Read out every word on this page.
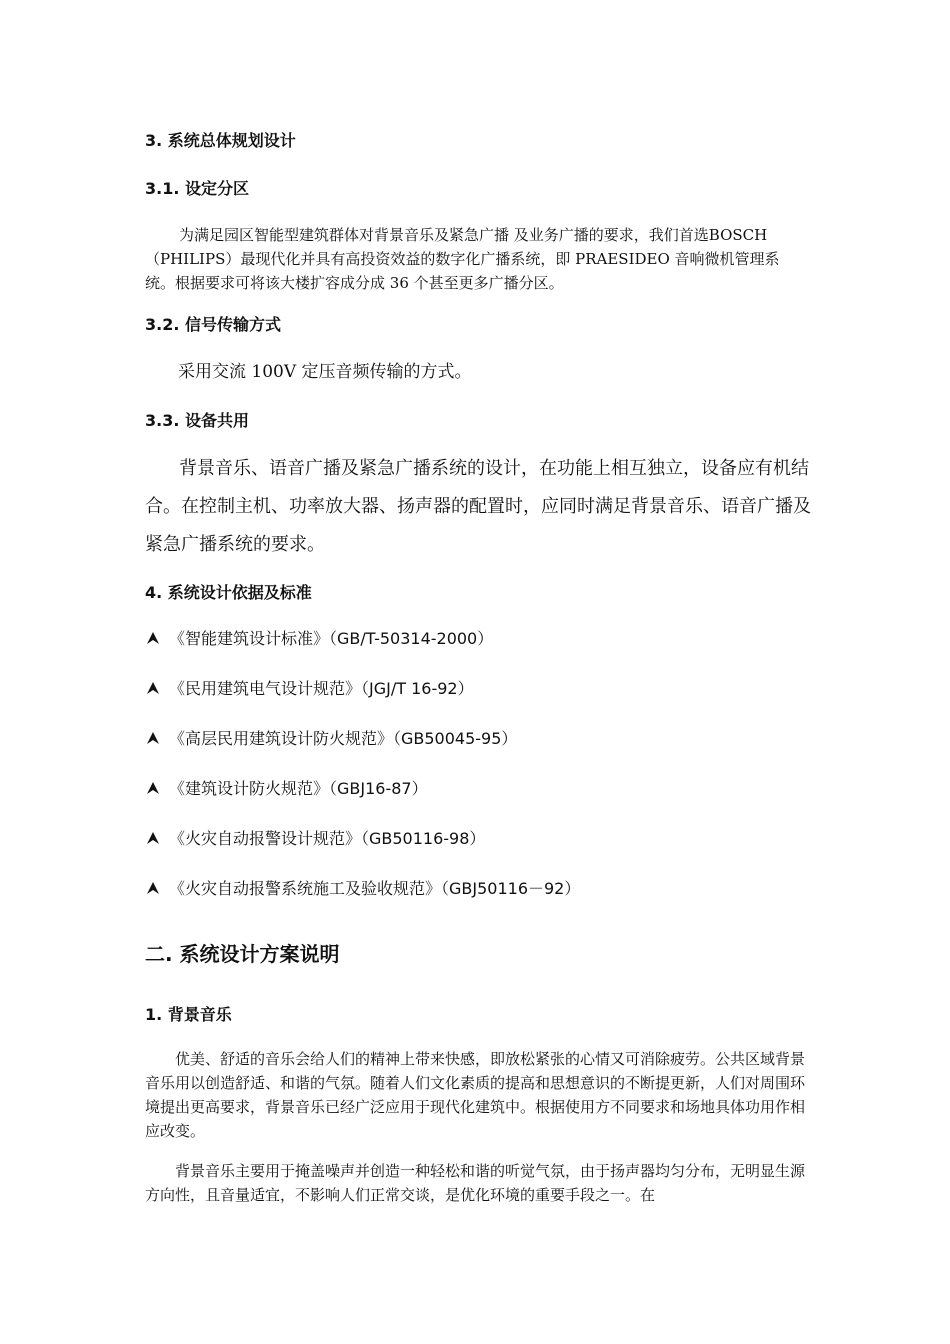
3. 系统总体规划设计
3.1. 设定分区
为满足园区智能型建筑群体对背景音乐及紧急广播 及业务广播的要求，我们首选BOSCH（PHILIPS）最现代化并具有高投资效益的数字化广播系统，即 PRAESIDEO 音响微机管理系统。根据要求可将该大楼扩容成分成 36 个甚至更多广播分区。
3.2. 信号传输方式
采用交流 100V 定压音频传输的方式。
3.3. 设备共用
背景音乐、语音广播及紧急广播系统的设计，在功能上相互独立，设备应有机结合。在控制主机、功率放大器、扬声器的配置时，应同时满足背景音乐、语音广播及紧急广播系统的要求。
4. 系统设计依据及标准
《智能建筑设计标准》（GB/T-50314-2000）
《民用建筑电气设计规范》（JGJ/T 16-92）
《高层民用建筑设计防火规范》（GB50045-95）
《建筑设计防火规范》（GBJ16-87）
《火灾自动报警设计规范》（GB50116-98）
《火灾自动报警系统施工及验收规范》（GBJ50116－92）
二. 系统设计方案说明
1. 背景音乐
优美、舒适的音乐会给人们的精神上带来快感，即放松紧张的心情又可消除疲劳。公共区域背景音乐用以创造舒适、和谐的气氛。随着人们文化素质的提高和思想意识的不断提更新，人们对周围环境提出更高要求，背景音乐已经广泛应用于现代化建筑中。根据使用方不同要求和场地具体功用作相应改变。
背景音乐主要用于掩盖噪声并创造一种轻松和谐的听觉气氛，由于扬声器均匀分布，无明显生源方向性，且音量适宜，不影响人们正常交谈，是优化环境的重要手段之一。在
